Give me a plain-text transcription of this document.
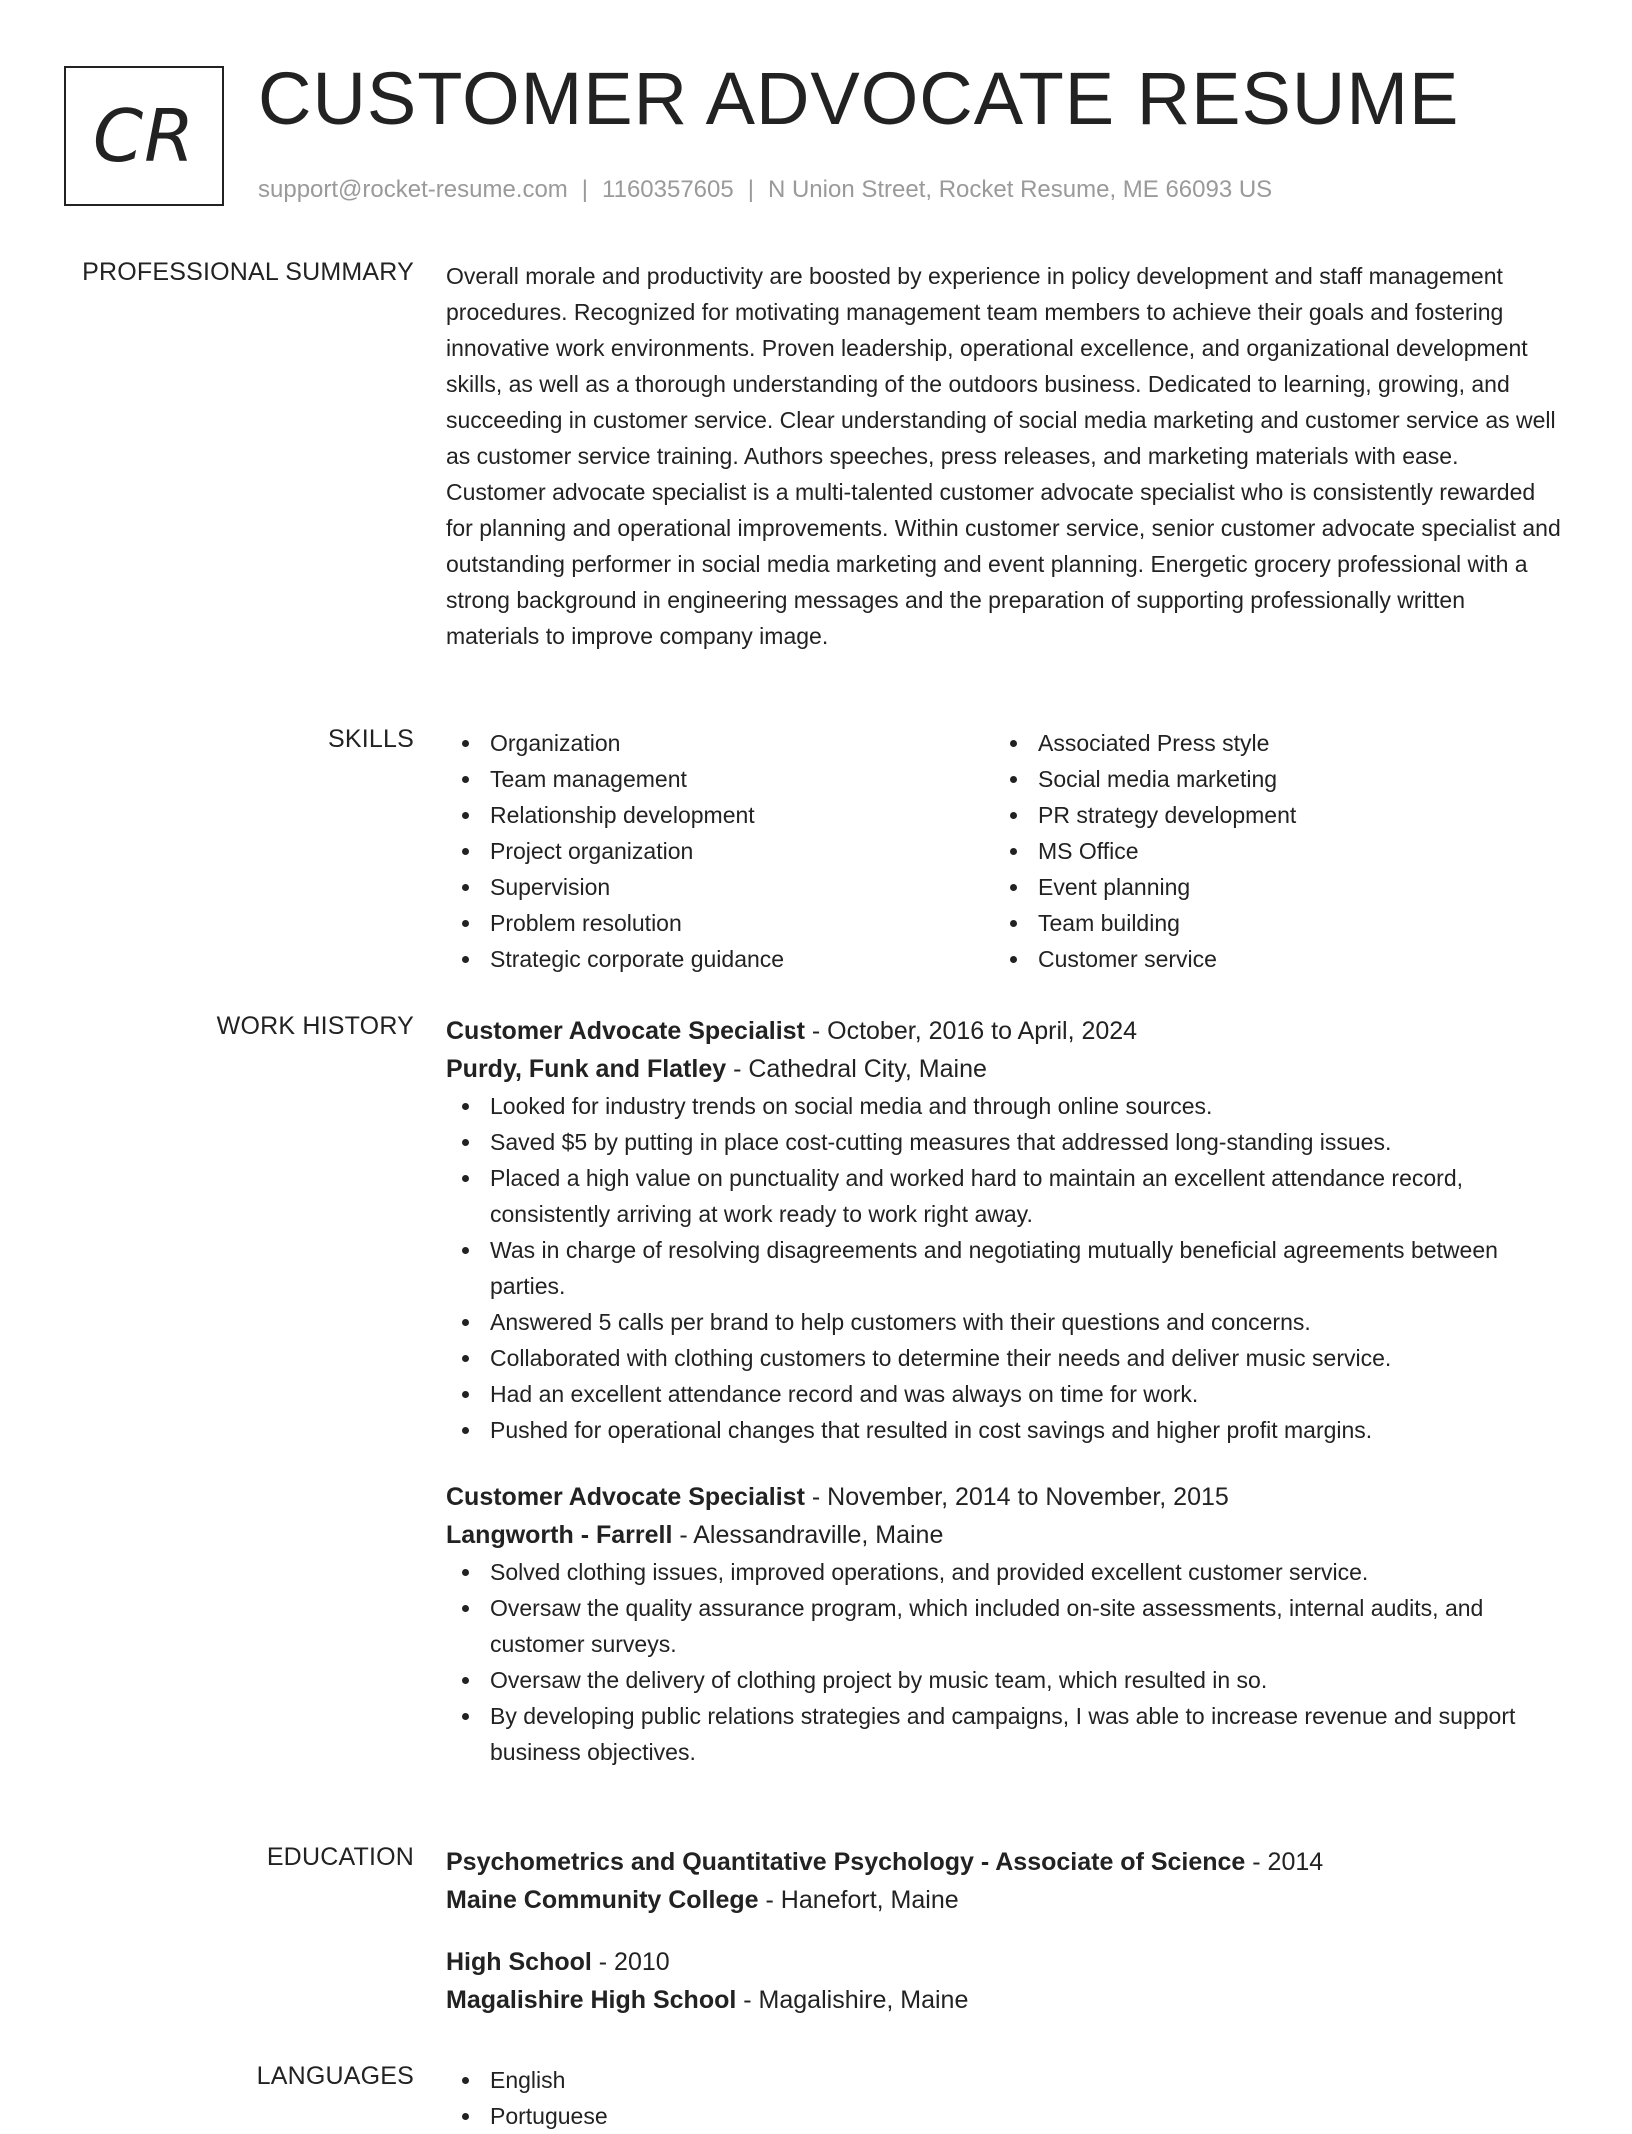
CR CUSTOMER ADVOCATE RESUME
support@rocket-resume.com | 1160357605 | N Union Street, Rocket Resume, ME 66093 US
PROFESSIONAL SUMMARY Overall morale and productivity are boosted by experience in policy development and staff management procedures. Recognized for motivating management team members to achieve their goals and fostering innovative work environments. Proven leadership, operational excellence, and organizational development skills, as well as a thorough understanding of the outdoors business. Dedicated to learning, growing, and succeeding in customer service. Clear understanding of social media marketing and customer service as well as customer service training. Authors speeches, press releases, and marketing materials with ease. Customer advocate specialist is a multi-talented customer advocate specialist who is consistently rewarded for planning and operational improvements. Within customer service, senior customer advocate specialist and outstanding performer in social media marketing and event planning. Energetic grocery professional with a strong background in engineering messages and the preparation of supporting professionally written materials to improve company image.

SKILLS	Organization
Team management
Relationship development
Project organization
Supervision
Problem resolution
Strategic corporate guidance
Associated Press style
Social media marketing
PR strategy development
MS Office
Event planning
Team building
Customer service
WORK HISTORY Customer Advocate Specialist - October, 2016 to April, 2024
Purdy, Funk and Flatley - Cathedral City, Maine
Looked for industry trends on social media and through online sources.
Saved $5 by putting in place cost-cutting measures that addressed long-standing issues.
Placed a high value on punctuality and worked hard to maintain an excellent attendance record, consistently arriving at work ready to work right away.
Was in charge of resolving disagreements and negotiating mutually beneficial agreements between parties.
Answered 5 calls per brand to help customers with their questions and concerns.
Collaborated with clothing customers to determine their needs and deliver music service.
Had an excellent attendance record and was always on time for work.
Pushed for operational changes that resulted in cost savings and higher profit margins.
Customer Advocate Specialist - November, 2014 to November, 2015
Langworth - Farrell - Alessandraville, Maine
Solved clothing issues, improved operations, and provided excellent customer service.
Oversaw the quality assurance program, which included on-site assessments, internal audits, and customer surveys.
Oversaw the delivery of clothing project by music team, which resulted in so.
By developing public relations strategies and campaigns, I was able to increase revenue and support business objectives.
EDUCATION Psychometrics and Quantitative Psychology - Associate of Science - 2014
Maine Community College - Hanefort, Maine
High School - 2010
Magalishire High School - Magalishire, Maine
LANGUAGES	English
Portuguese
